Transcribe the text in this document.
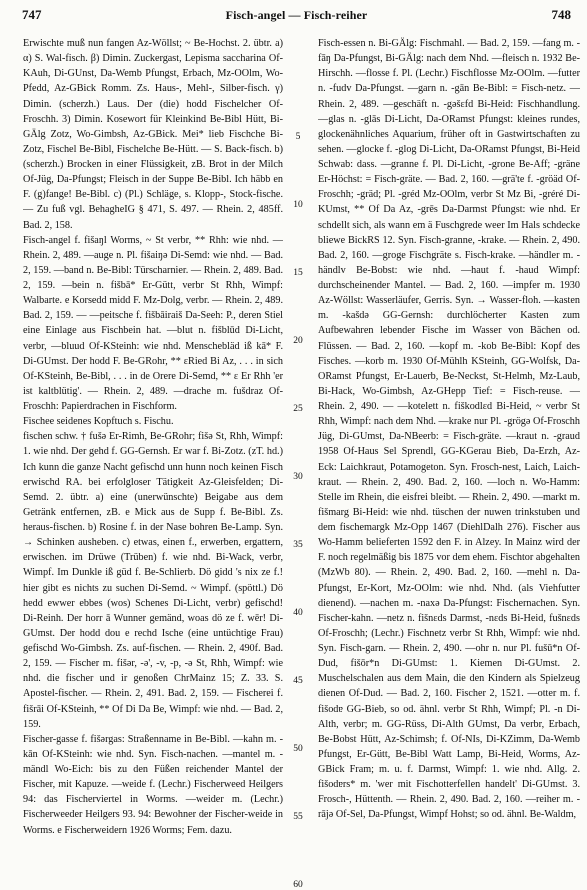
747	Fisch-angel — Fisch-reiher	748

Erwischte muß nun fangen Az-Wöllst; ~ Be-Hochst. 2. übtr. a) α) S. Wal-fisch. β) Dimin. Zuckergast, Lepisma saccharina Of-KAuh, Di-GUnst, Da-Wemb Pfungst, Erbach, Mz-OOlm, Wo-Pfedd, Az-GBick Romm. Zs. Haus-, Mehl-, Silber-fisch. γ) Dimin. (scherzh.) Laus. Der (die) hodd Fischelcher Of-Froschh. 3) Dimin. Kosewort für Kleinkind Be-Bibl Hütt, Bi-GÄlg Zotz, Wo-Gimbsh, Az-GBick. Mei* lieb Fischche Bi-Zotz, Fischel Be-Bibl, Fischelche Be-Hütt. — S. Back-fisch. b) (scherzh.) Brocken in einer Flüssigkeit, zB. Brot in der Milch Of-Jüg, Da-Pfungst; Fleisch in der Suppe Be-Bibl. Ich häbb en F. (g)fange! Be-Bibl. c) (Pl.) Schläge, s. Klopp-, Stock-fische. — Zu fuß vgl. BehagheIG § 471, S. 497. — Rhein. 2, 485ff. Bad. 2, 158.

Fisch-angel f. fišaŋl Worms, ~ St verbr, ** Rhh: wie nhd. — Rhein. 2, 489. —auge n. Pl. fišaiŋə Di-Semd: wie nhd. — Bad. 2, 159. —band n. Be-Bibl: Türscharnier. — Rhein. 2, 489. Bad. 2, 159. —bein n. fišbā* Er-Gütt, verbr St Rhh, Wimpf: Walbarte. e Korsedd midd F. Mz-Dolg, verbr. — Rhein. 2, 489. Bad. 2, 159. — —peitsche f. fišbāiraiš Da-Seeh: P., deren Stiel eine Einlage aus Fischbein hat. —blut n. fišblūd Di-Licht, verbr, —bluud Of-KSteinh: wie nhd. Menschebläd iß kā* F. Di-GUmst. Der hodd F. Be-GRohr, ** ɛRied Bi Az, . . . in sich Of-KSteinh, Be-Bibl, . . . in de Orere Di-Semd, ** ɛ Er Rhh 'er ist kaltblütig'. — Rhein. 2, 489. —drache m. fušdraz Of-Froschh: Papierdrachen in Fischform.

Fischee seidenes Kopftuch s. Fischu.

fischen schw. † fušə Er-Rimh, Be-GRohr; fišə St, Rhh, Wimpf: 1. wie nhd. Der gehd f. GG-Gernsh. Er war f. Bi-Zotz. (zT. hd.) Ich kunn die ganze Nacht gefischd unn hunn noch keinen Fisch erwischd RA. bei erfolgloser Tätigkeit Az-Gleisfelden; Di-Semd. 2. übtr. a) eine (unerwünschte) Beigabe aus dem Getränk entfernen, zB. e Mick aus de Supp f. Be-Bibl. Zs. heraus-fischen. b) Rosine f. in der Nase bohren Be-Lamp. Syn. → Schinken ausheben. c) etwas, einen f., erwerben, ergattern, erwischen. im Drüwe (Trüben) f. wie nhd. Bi-Wack, verbr, Wimpf. Im Dunkle iß güd f. Be-Schlierb. Dö gidd 's nix ze f.! hier gibt es nichts zu suchen Di-Semd. ~ Wimpf. (spöttl.) Dö hedd ewwer ebbes (wos) Schenes Di-Licht, verbr) gefischd! Di-Reinh. Der horr ā Wunner gemänd, woas dö ze f. wēr! Di-GUmst. Der hodd dou e rechd Ische (eine untüchtige Frau) gefischd Wo-Gimbsh. Zs. auf-fischen. — Rhein. 2, 490f. Bad. 2, 159. — Fischer m. fišər, -ə', -v, -p, -ə St, Rhh, Wimpf: wie nhd. die fischer und ir genoßen ChrMainz 15; Z. 33. S. Apostel-fischer. — Rhein. 2, 491. Bad. 2, 159. — Fischerei f. fišrāi Of-KSteinh, ** Of Di Da Be, Wimpf: wie nhd. — Bad. 2, 159.

Fischer-gasse f. fišərgas: Straßenname in Be-Bibl. —kahn m. -kān Of-KSteinh: wie nhd. Syn. Fisch-nachen. —mantel m. -mändl Wo-Eich: bis zu den Füßen reichender Mantel der Fischer, mit Kapuze. —weide f. (Lechr.) Fischerweed Heilgers 94: das Fischerviertel in Worms. —weider m. (Lechr.) Fischerweeder Heilgers 93. 94: Bewohner der Fischer-weide in Worms. e Fischerweidern 1926 Worms; Fem. dazu.

5
10
15
20
25
30
35
40
45
50
55
60

Fisch-essen n. Bi-GÄlg: Fischmahl. — Bad. 2, 159. —fang m. -fāŋ Da-Pfungst, Bi-GÄlg: nach dem Nhd. —fleisch n. 1932 Be-Hirschh. —flosse f. Pl. (Lechr.) Fischflosse Mz-OOlm. —futter n. -fudv Da-Pfungst. —garn n. -gān Be-Bibl: = Fisch-netz. — Rhein. 2, 489. —geschäft n. -gəšɛfd Bi-Heid: Fischhandlung. —glas n. -glās Di-Licht, Da-ORamst Pfungst: kleines rundes, glockenähnliches Aquarium, früher oft in Gastwirtschaften zu sehen. —glocke f. -glog Di-Licht, Da-ORamst Pfungst, Bi-Heid Schwab: dass. —granne f. Pl. Di-Licht, -grone Be-Aff; -gräne Er-Höchst: = Fisch-gräte. — Bad. 2, 160. —grä'te f. -gröäd Of-Froschh; -gräd; Pl. -gréd Mz-OOlm, verbr St Mz Bi, -gréré Di-KUmst, ** Of Da Az, -grēs Da-Darmst Pfungst: wie nhd. Er schdellt sich, als wann em ä Fuschgrede weer Im Hals schdecke bliewe BickRS 12. Syn. Fisch-granne, -krake. — Rhein. 2, 490. Bad. 2, 160. —groge Fischgräte s. Fisch-krake. —händler m. -händlv Be-Bobst: wie nhd. —haut f. -haud Wimpf: durchscheinender Mantel. — Bad. 2, 160. —impfer m. 1930 Az-Wöllst: Wasserläufer, Gerris. Syn. → Wasser-floh. —kasten m. -kašdə GG-Gernsh: durchlöcherter Kasten zum Aufbewahren lebender Fische im Wasser von Bächen od. Flüssen. — Bad. 2, 160. —kopf m. -kob Be-Bibl: Kopf des Fisches. —korb m. 1930 Of-Mühlh KSteinh, GG-Wolfsk, Da-ORamst Pfungst, Er-Lauerb, Be-Neckst, St-Helmh, Mz-Laub, Bi-Hack, Wo-Gimbsh, Az-GHepp Tief: = Fisch-reuse. — Rhein. 2, 490. — —kotelett n. fiškodlɛd Bi-Heid, ~ verbr St Rhh, Wimpf: nach dem Nhd. —krake nur Pl. -grögə Of-Froschh Jüg, Di-GUmst, Da-NBeerb: = Fisch-gräte. —kraut n. -graud 1958 Of-Haus Sel Sprendl, GG-KGerau Bieb, Da-Erzh, Az-Eck: Laichkraut, Potamogeton. Syn. Frosch-nest, Laich, Laich-kraut. — Rhein. 2, 490. Bad. 2, 160. —loch n. Wo-Hamm: Stelle im Rhein, die eisfrei bleibt. — Rhein. 2, 490. —markt m. fišmarg Bi-Heid: wie nhd. tüschen der nuwen trinkstuben und dem fischemargk Mz-Opp 1467 (DiehlDalh 276). Fischer aus Wo-Hamm belieferten 1592 den F. in Alzey. In Mainz wird der F. noch regelmäßig bis 1875 vor dem ehem. Fischtor abgehalten (MzWb 80). — Rhein. 2, 490. Bad. 2, 160. —mehl n. Da-Pfungst, Er-Kort, Mz-OOlm: wie nhd. Nhd. (als Viehfutter dienend). —nachen m. -naxə Da-Pfungst: Fischernachen. Syn. Fischer-kahn. —netz n. fišnɛds Darmst, -nɛds Bi-Heid, fušnɛds Of-Froschh; (Lechr.) Fischnetz verbr St Rhh, Wimpf: wie nhd. Syn. Fisch-garn. — Rhein. 2, 490. —ohr n. nur Pl. fušū*n Of-Dud, fišōr*n Di-GUmst: 1. Kiemen Di-GUmst. 2. Muschelschalen aus dem Main, die den Kindern als Spielzeug dienen Of-Dud. — Bad. 2, 160. Fischer 2, 1521. —otter m. f. fišodɐ GG-Bieb, so od. ähnl. verbr St Rhh, Wimpf; Pl. -n Di-Alth, verbr; m. GG-Rüss, Di-Alth GUmst, Da verbr, Erbach, Be-Bobst Hütt, Az-Schimsh; f. Of-NIs, Di-KZimm, Da-Wemb Pfungst, Er-Gütt, Be-Bibl Watt Lamp, Bi-Heid, Worms, Az-GBick Fram; m. u. f. Darmst, Wimpf: 1. wie nhd. Allg. 2. fišodɐrs* m. 'wer mit Fischotterfellen handelt' Di-GUmst. 3. Frosch-, Hüttenth. — Rhein. 2, 490. Bad. 2, 160. —reiher m. -rājə Of-Sel, Da-Pfungst, Wimpf Hohst; so od. ähnl. Be-Waldm,
